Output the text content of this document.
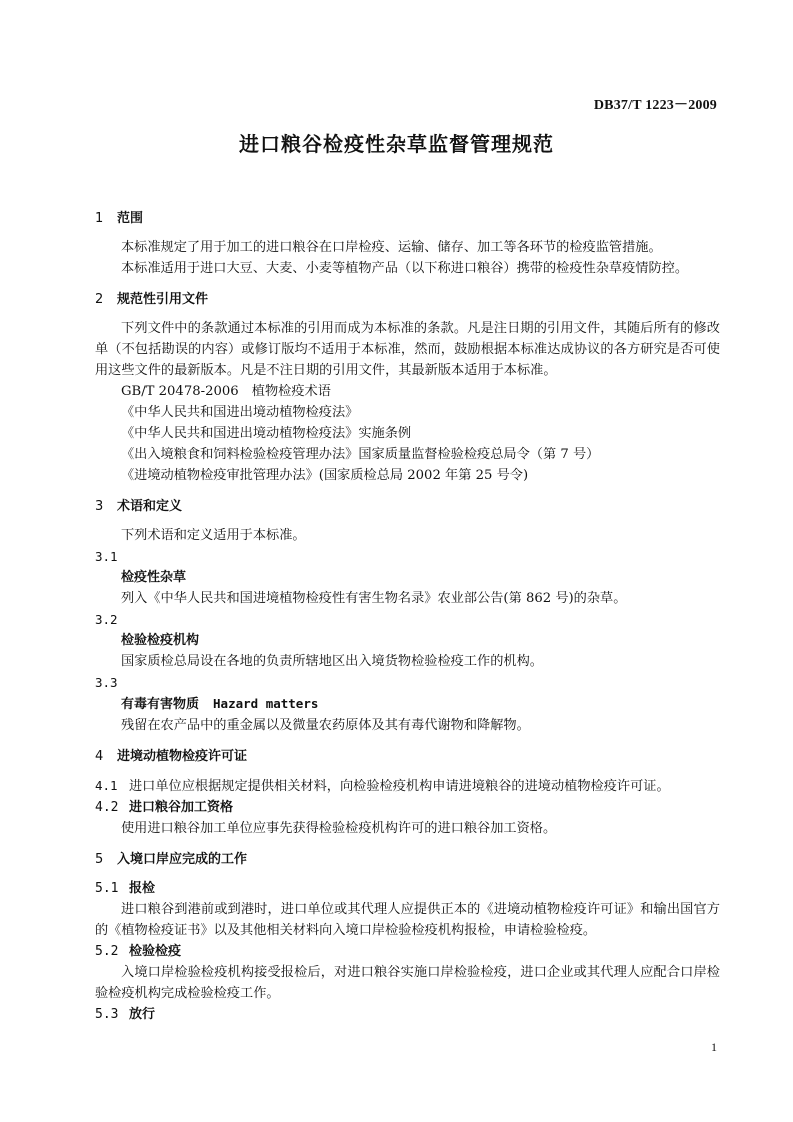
DB37/T 1223－2009
进口粮谷检疫性杂草监督管理规范
1 范围
本标准规定了用于加工的进口粮谷在口岸检疫、运输、储存、加工等各环节的检疫监管措施。
本标准适用于进口大豆、大麦、小麦等植物产品（以下称进口粮谷）携带的检疫性杂草疫情防控。
2 规范性引用文件
下列文件中的条款通过本标准的引用而成为本标准的条款。凡是注日期的引用文件，其随后所有的修改单（不包括勘误的内容）或修订版均不适用于本标准，然而，鼓励根据本标准达成协议的各方研究是否可使用这些文件的最新版本。凡是不注日期的引用文件，其最新版本适用于本标准。
GB/T 20478-2006　植物检疫术语
《中华人民共和国进出境动植物检疫法》
《中华人民共和国进出境动植物检疫法》实施条例
《出入境粮食和饲料检验检疫管理办法》国家质量监督检验检疫总局令（第 7 号）
《进境动植物检疫审批管理办法》(国家质检总局 2002 年第 25 号令)
3 术语和定义
下列术语和定义适用于本标准。
3.1
检疫性杂草
列入《中华人民共和国进境植物检疫性有害生物名录》农业部公告(第 862 号)的杂草。
3.2
检验检疫机构
国家质检总局设在各地的负责所辖地区出入境货物检验检疫工作的机构。
3.3
有毒有害物质 Hazard matters
残留在农产品中的重金属以及微量农药原体及其有毒代谢物和降解物。
4 进境动植物检疫许可证
4.1 进口单位应根据规定提供相关材料，向检验检疫机构申请进境粮谷的进境动植物检疫许可证。
4.2 进口粮谷加工资格
使用进口粮谷加工单位应事先获得检验检疫机构许可的进口粮谷加工资格。
5 入境口岸应完成的工作
5.1 报检
进口粮谷到港前或到港时，进口单位或其代理人应提供正本的《进境动植物检疫许可证》和输出国官方的《植物检疫证书》以及其他相关材料向入境口岸检验检疫机构报检，申请检验检疫。
5.2 检验检疫
入境口岸检验检疫机构接受报检后，对进口粮谷实施口岸检验检疫，进口企业或其代理人应配合口岸检验检疫机构完成检验检疫工作。
5.3 放行
1
